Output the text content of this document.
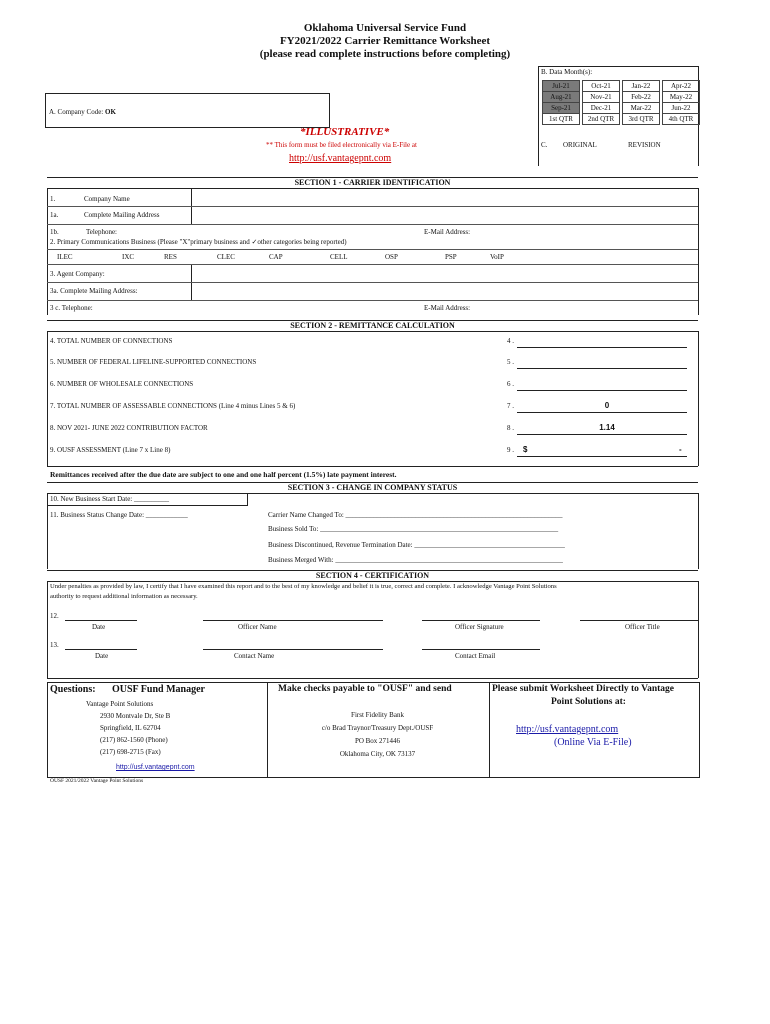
Oklahoma Universal Service Fund
FY2021/2022 Carrier Remittance Worksheet
(please read complete instructions before completing)
A. Company Code: OK
*ILLUSTRATIVE*
** This form must be filed electronically via E-File at
http://usf.vantagepnt.com
B. Data Month(s):
Jul-21	Oct-21	Jan-22	Apr-22
Aug-21	Nov-21	Feb-22	May-22
Sep-21	Dec-21	Mar-22	Jun-22
1st QTR	2nd QTR	3rd QTR	4th QTR
C. ORIGINAL	REVISION
SECTION 1 - CARRIER IDENTIFICATION
1.	Company Name
1a.	Complete Mailing Address
1b.	Telephone:	E-Mail Address:
2. Primary Communications Business (Please "X"primary business and ✓other categories being reported)
ILEC	IXC	RES	CLEC	CAP	CELL	OSP	PSP	VoIP
3. Agent Company:
3a. Complete Mailing Address:
3 c. Telephone:	E-Mail Address:
SECTION 2 - REMITTANCE CALCULATION
4. TOTAL NUMBER OF CONNECTIONS	4 .
5. NUMBER OF FEDERAL LIFELINE-SUPPORTED CONNECTIONS	5 .
6. NUMBER OF WHOLESALE CONNECTIONS	6 .
7. TOTAL NUMBER OF ASSESSABLE CONNECTIONS (Line 4 minus Lines 5 & 6)	7 .	0
8. NOV 2021- JUNE 2022 CONTRIBUTION FACTOR	8 .	1.14
9. OUSF ASSESSMENT (Line 7 x Line 8)	9 .	-
$
Remittances received after the due date are subject to one and one half percent (1.5%) late payment interest.
SECTION 3 - CHANGE IN COMPANY STATUS
10. New Business Start Date: __________
11. Business Status Change Date: ____________	Carrier Name Changed To: ______________________________________________________________
Business Sold To: ____________________________________________________________________
Business Discontinued, Revenue Termination Date: ___________________________________________
Business Merged With: _________________________________________________________________
SECTION 4 - CERTIFICATION
Under penalties as provided by law, I certify that I have examined this report and to the best of my knowledge and belief it is true, correct and complete. I acknowledge Vantage Point Solutions
authority to request additional information as necessary.
12.
Date	Officer Name	Officer Signature	Officer Title
13.
Date	Contact Name	Contact Email
Questions: OUSF Fund Manager
Vantage Point Solutions
2930 Montvale Dr, Ste B
Springfield, IL 62704
(217) 862-1560 (Phone)
(217) 698-2715 (Fax)
http://usf.vantagepnt.com
Make checks payable to "OUSF" and send
First Fidelity Bank
c/o Brad Traynor/Treasury Dept./OUSF
PO Box 271446
Oklahoma City, OK 73137
Please submit Worksheet Directly to Vantage
Point Solutions at:
http://usf.vantagepnt.com
(Online Via E-File)
OUSF 2021/2022 Vantage Point Solutions
